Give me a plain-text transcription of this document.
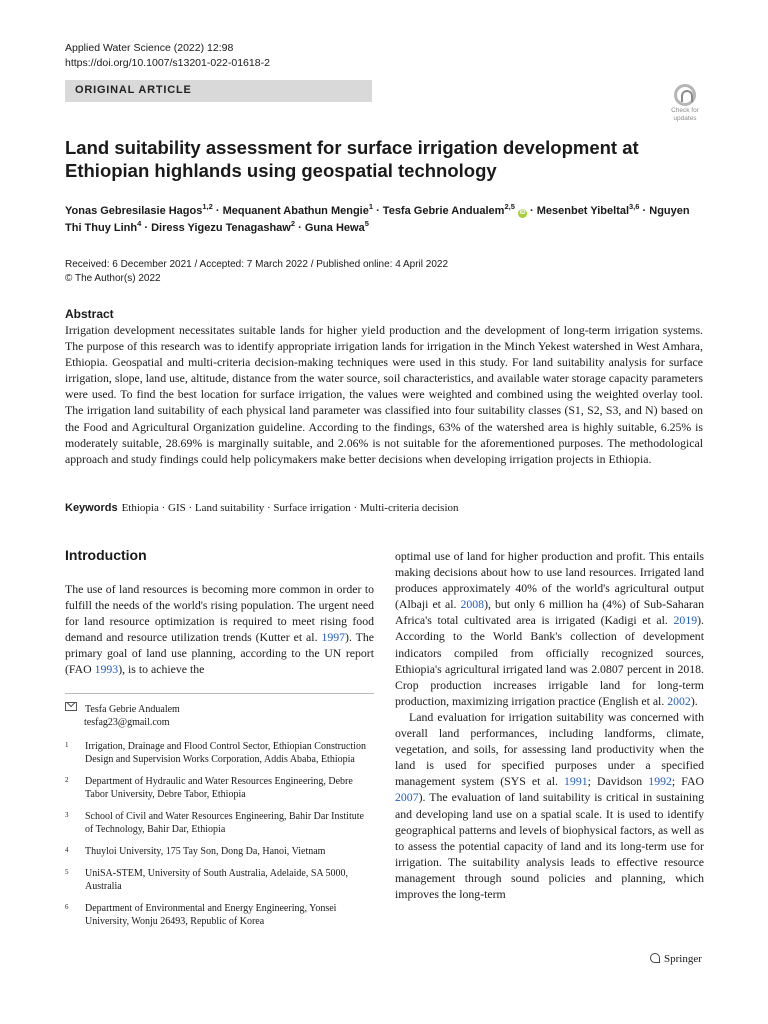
Applied Water Science (2022) 12:98
https://doi.org/10.1007/s13201-022-01618-2
ORIGINAL ARTICLE
Check for
updates
Land suitability assessment for surface irrigation development at Ethiopian highlands using geospatial technology
Yonas Gebresilasie Hagos$^{1,2}$ · Mequanent Abathun Mengie$^1$ · Tesfa Gebrie Andualem$^{2,5}$ iD · Mesenbet Yibeltal$^{3,6}$ · Nguyen Thi Thuy Linh$^4$ · Diress Yigezu Tenagashaw$^2$ · Guna Hewa$^5$
Received: 6 December 2021 / Accepted: 7 March 2022 / Published online: 4 April 2022
© The Author(s) 2022
Abstract
Irrigation development necessitates suitable lands for higher yield production and the development of long-term irrigation systems. The purpose of this research was to identify appropriate irrigation lands for irrigation in the Minch Yekest watershed in West Amhara, Ethiopia. Geospatial and multi-criteria decision-making techniques were used in this study. For land suitability analysis for surface irrigation, slope, land use, altitude, distance from the water source, soil characteristics, and available water storage capacity parameters were used. To find the best location for surface irrigation, the values were weighted and combined using the weighted overlay tool. The irrigation land suitability of each physical land parameter was classified into four suitability classes (S1, S2, S3, and N) based on the Food and Agricultural Organization guideline. According to the findings, 63% of the watershed area is highly suitable, 6.25% is moderately suitable, 28.69% is marginally suitable, and 2.06% is not suitable for the aforementioned purposes. The methodological approach and study findings could help policymakers make better decisions when developing irrigation projects in Ethiopia.
Keywords Ethiopia · GIS · Land suitability · Surface irrigation · Multi-criteria decision
Introduction
The use of land resources is becoming more common in order to fulfill the needs of the world's rising population. The urgent need for land resource optimization is required to meet rising food demand and resource utilization trends (Kutter et al. 1997). The primary goal of land use planning, according to the UN report (FAO 1993), is to achieve the
Tesfa Gebrie Andualem
tesfag23@gmail.com
1	Irrigation, Drainage and Flood Control Sector, Ethiopian Construction Design and Supervision Works Corporation, Addis Ababa, Ethiopia
2	Department of Hydraulic and Water Resources Engineering, Debre Tabor University, Debre Tabor, Ethiopia
3	School of Civil and Water Resources Engineering, Bahir Dar Institute of Technology, Bahir Dar, Ethiopia
4	Thuyloi University, 175 Tay Son, Dong Da, Hanoi, Vietnam
5	UniSA-STEM, University of South Australia, Adelaide, SA 5000, Australia
6	Department of Environmental and Energy Engineering, Yonsei University, Wonju 26493, Republic of Korea
optimal use of land for higher production and profit. This entails making decisions about how to use land resources. Irrigated land produces approximately 40% of the world's agricultural output (Albaji et al. 2008), but only 6 million ha (4%) of Sub-Saharan Africa's total cultivated area is irrigated (Kadigi et al. 2019). According to the World Bank's collection of development indicators compiled from officially recognized sources, Ethiopia's agricultural irrigated land was 2.0807 percent in 2018. Crop production increases irrigable land for long-term production, maximizing irrigation practice (English et al. 2002).
Land evaluation for irrigation suitability was concerned with overall land performances, including landforms, climate, vegetation, and soils, for assessing land productivity when the land is used for specified purposes under a specified management system (SYS et al. 1991; Davidson 1992; FAO 2007). The evaluation of land suitability is critical in sustaining and developing land use on a spatial scale. It is used to identify geographical patterns and levels of biophysical factors, as well as to assess the potential capacity of land and its long-term use for irrigation. The suitability analysis leads to effective resource management through sound policies and planning, which improves the long-term
Springer
